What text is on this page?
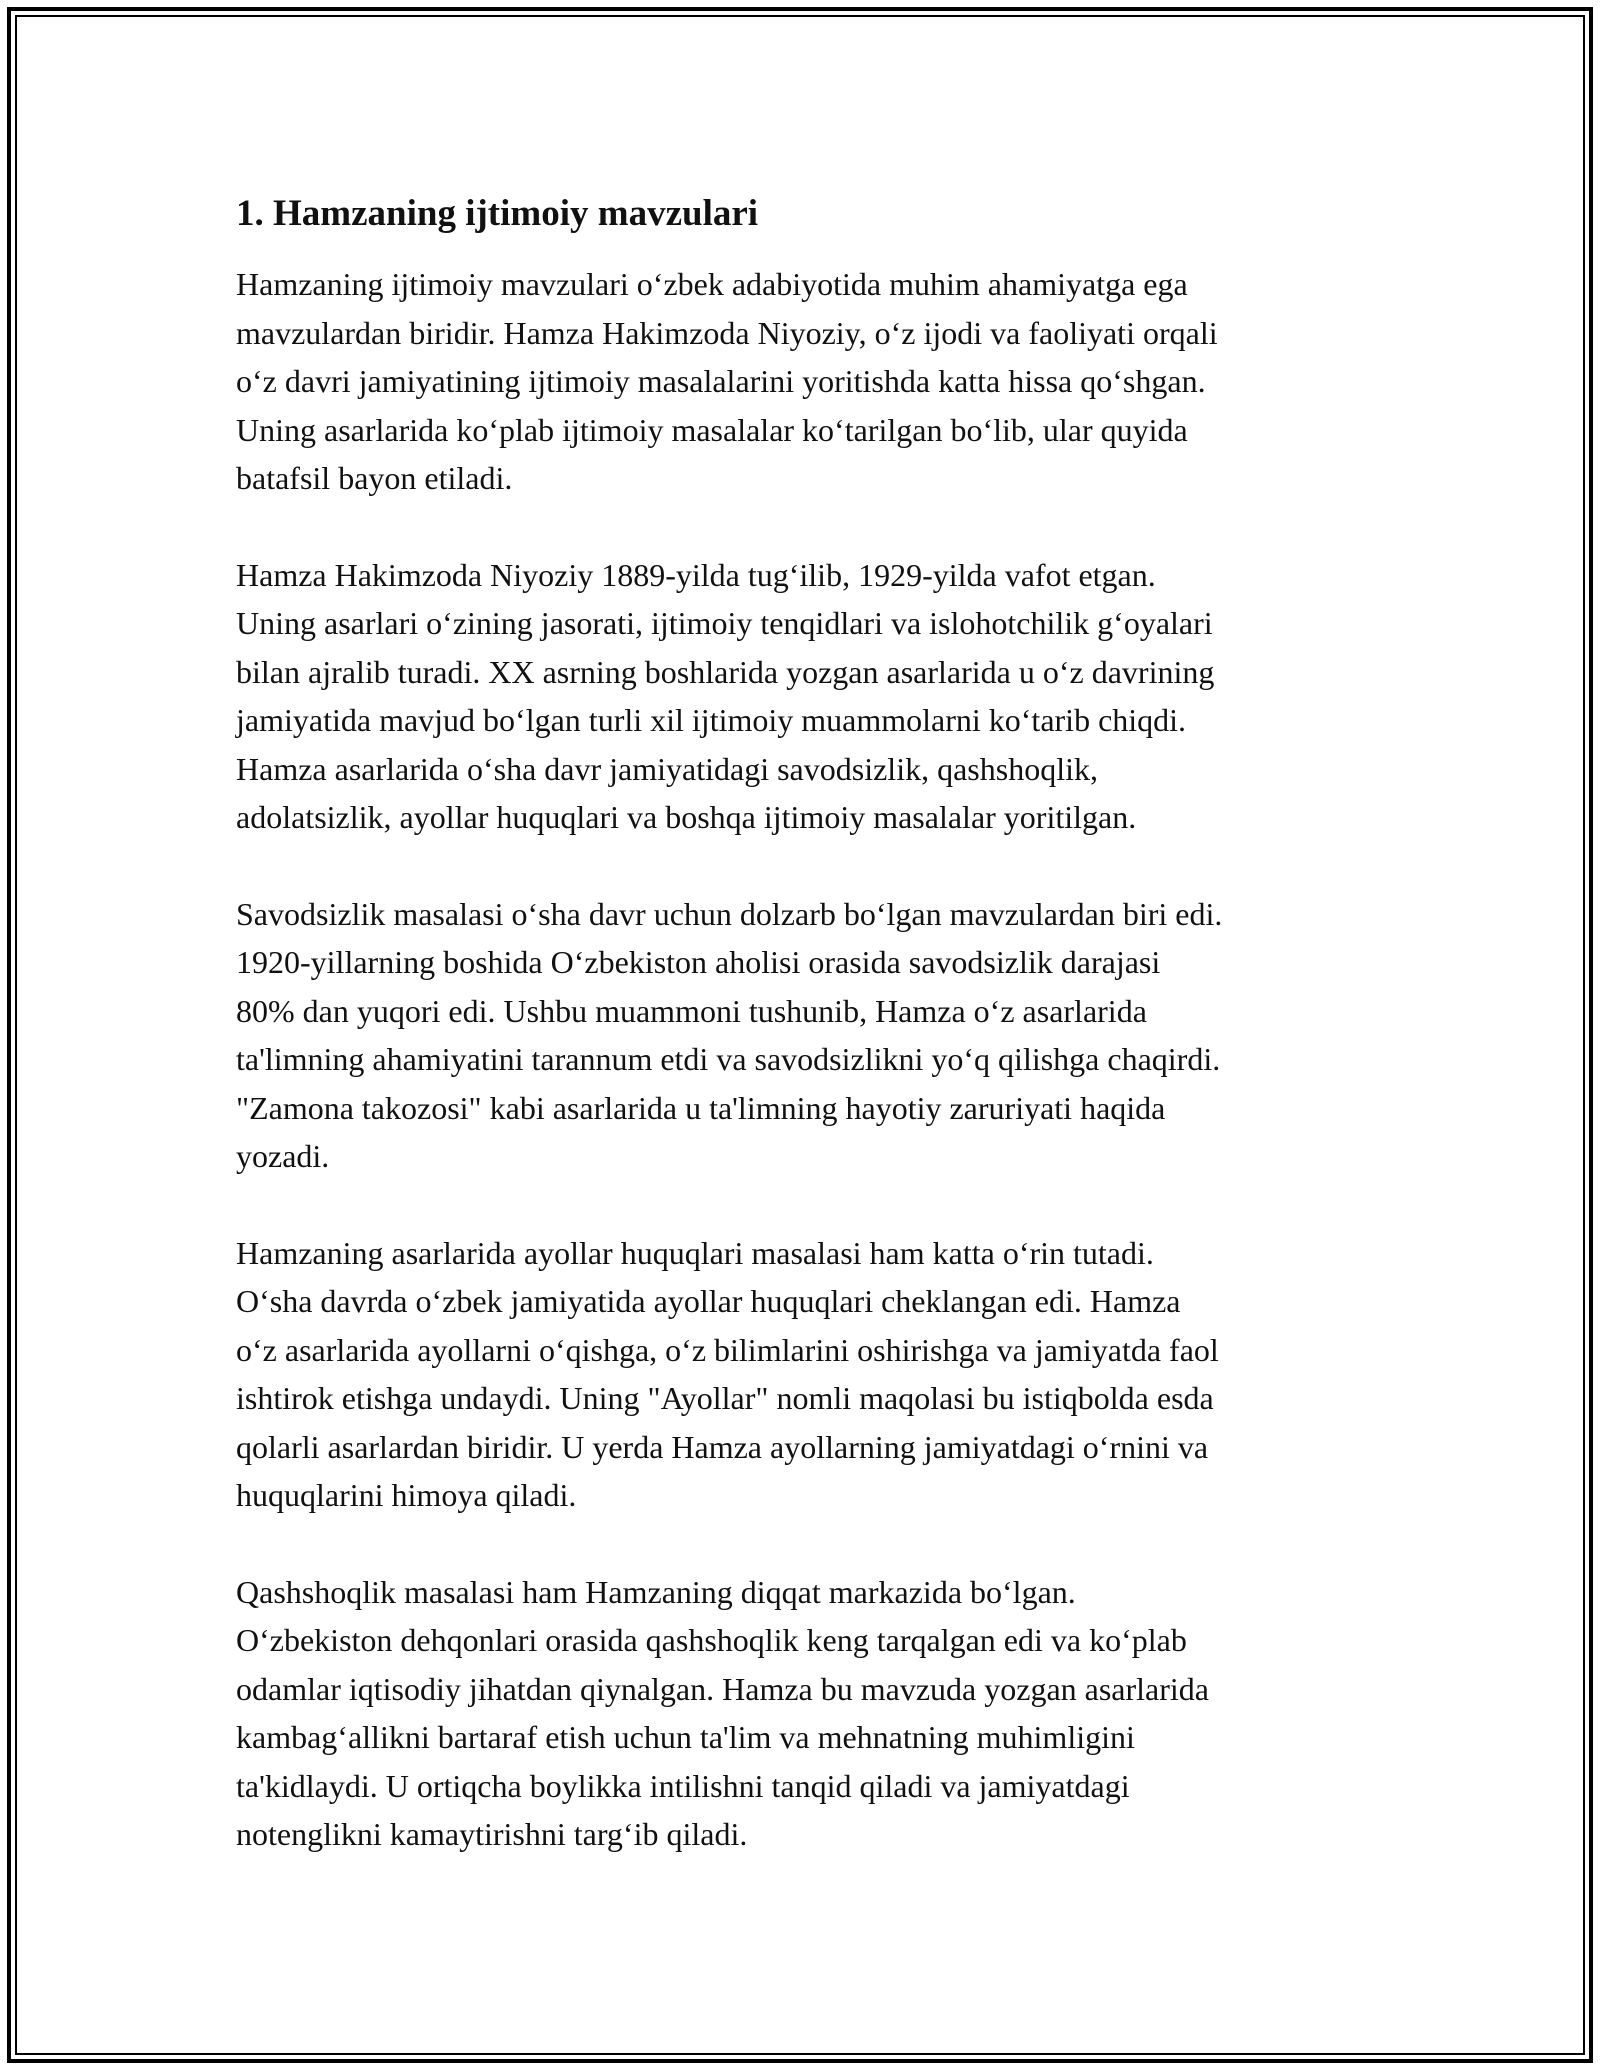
1. Hamzaning ijtimoiy mavzulari

Hamzaning ijtimoiy mavzulari o‘zbek adabiyotida muhim ahamiyatga ega
mavzulardan biridir. Hamza Hakimzoda Niyoziy, o‘z ijodi va faoliyati orqali
o‘z davri jamiyatining ijtimoiy masalalarini yoritishda katta hissa qo‘shgan.
Uning asarlarida ko‘plab ijtimoiy masalalar ko‘tarilgan bo‘lib, ular quyida
batafsil bayon etiladi.

Hamza Hakimzoda Niyoziy 1889-yilda tug‘ilib, 1929-yilda vafot etgan.
Uning asarlari o‘zining jasorati, ijtimoiy tenqidlari va islohotchilik g‘oyalari
bilan ajralib turadi. XX asrning boshlarida yozgan asarlarida u o‘z davrining
jamiyatida mavjud bo‘lgan turli xil ijtimoiy muammolarni ko‘tarib chiqdi.
Hamza asarlarida o‘sha davr jamiyatidagi savodsizlik, qashshoqlik,
adolatsizlik, ayollar huquqlari va boshqa ijtimoiy masalalar yoritilgan.

Savodsizlik masalasi o‘sha davr uchun dolzarb bo‘lgan mavzulardan biri edi.
1920-yillarning boshida O‘zbekiston aholisi orasida savodsizlik darajasi
80% dan yuqori edi. Ushbu muammoni tushunib, Hamza o‘z asarlarida
ta'limning ahamiyatini tarannum etdi va savodsizlikni yo‘q qilishga chaqirdi.
"Zamona takozosi" kabi asarlarida u ta'limning hayotiy zaruriyati haqida
yozadi.

Hamzaning asarlarida ayollar huquqlari masalasi ham katta o‘rin tutadi.
O‘sha davrda o‘zbek jamiyatida ayollar huquqlari cheklangan edi. Hamza
o‘z asarlarida ayollarni o‘qishga, o‘z bilimlarini oshirishga va jamiyatda faol
ishtirok etishga undaydi. Uning "Ayollar" nomli maqolasi bu istiqbolda esda
qolarli asarlardan biridir. U yerda Hamza ayollarning jamiyatdagi o‘rnini va
huquqlarini himoya qiladi.

Qashshoqlik masalasi ham Hamzaning diqqat markazida bo‘lgan.
O‘zbekiston dehqonlari orasida qashshoqlik keng tarqalgan edi va ko‘plab
odamlar iqtisodiy jihatdan qiynalgan. Hamza bu mavzuda yozgan asarlarida
kambag‘allikni bartaraf etish uchun ta'lim va mehnatning muhimligini
ta'kidlaydi. U ortiqcha boylikka intilishni tanqid qiladi va jamiyatdagi
notenglikni kamaytirishni targ‘ib qiladi.
